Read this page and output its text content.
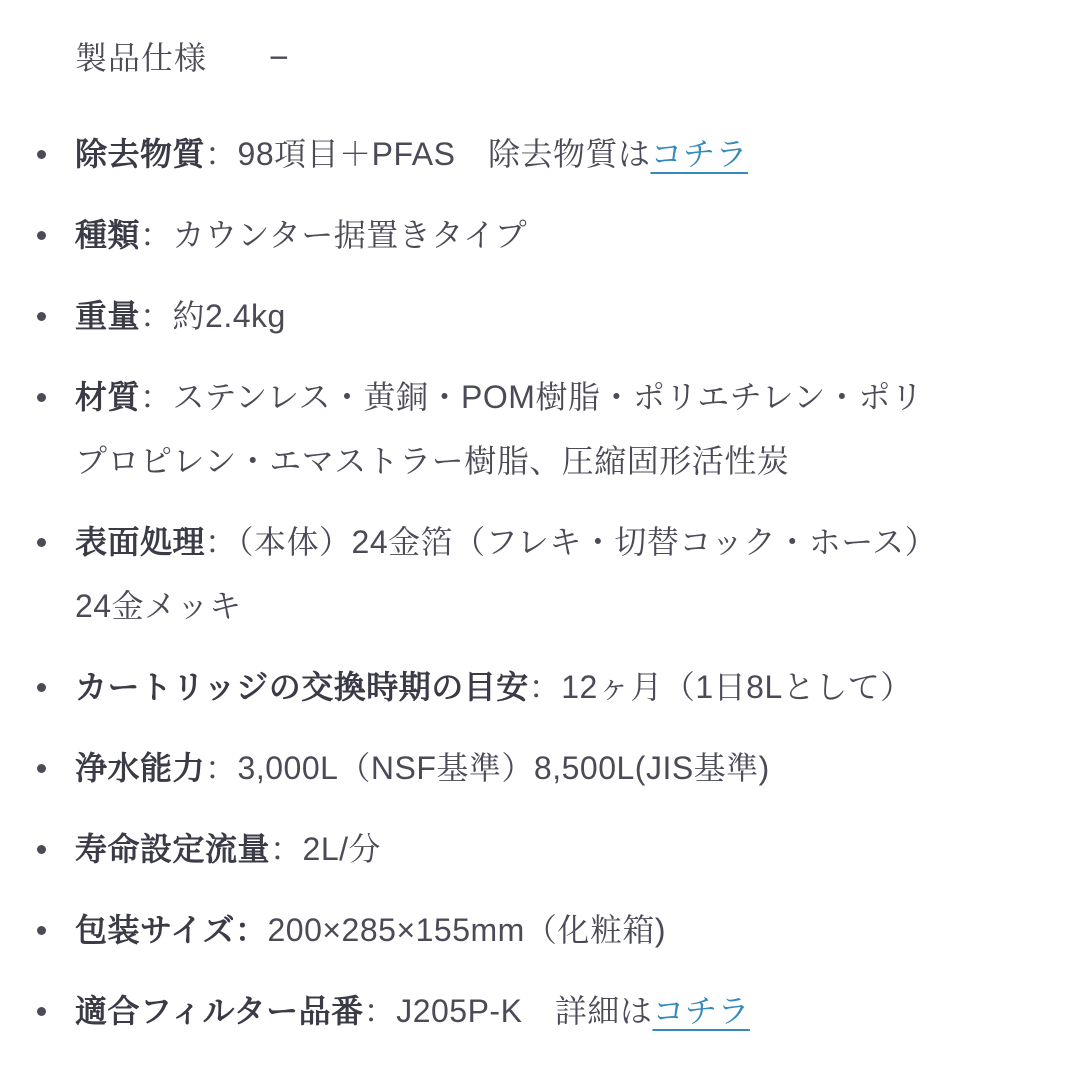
製品仕様 −
除去物質：98項目＋PFAS　除去物質はコチラ
種類：カウンター据置きタイプ
重量：約2.4kg
材質：ステンレス・黄銅・POM樹脂・ポリエチレン・ポリプロピレン・エマストラー樹脂、圧縮固形活性炭
表面処理：（本体）24金箔（フレキ・切替コック・ホース）24金メッキ
カートリッジの交換時期の目安：12ヶ月（1日8Lとして）
浄水能力：3,000L（NSF基準）8,500L(JIS基準)
寿命設定流量：2L/分
包装サイズ：200×285×155mm（化粧箱)
適合フィルター品番：J205P-K　詳細はコチラ
